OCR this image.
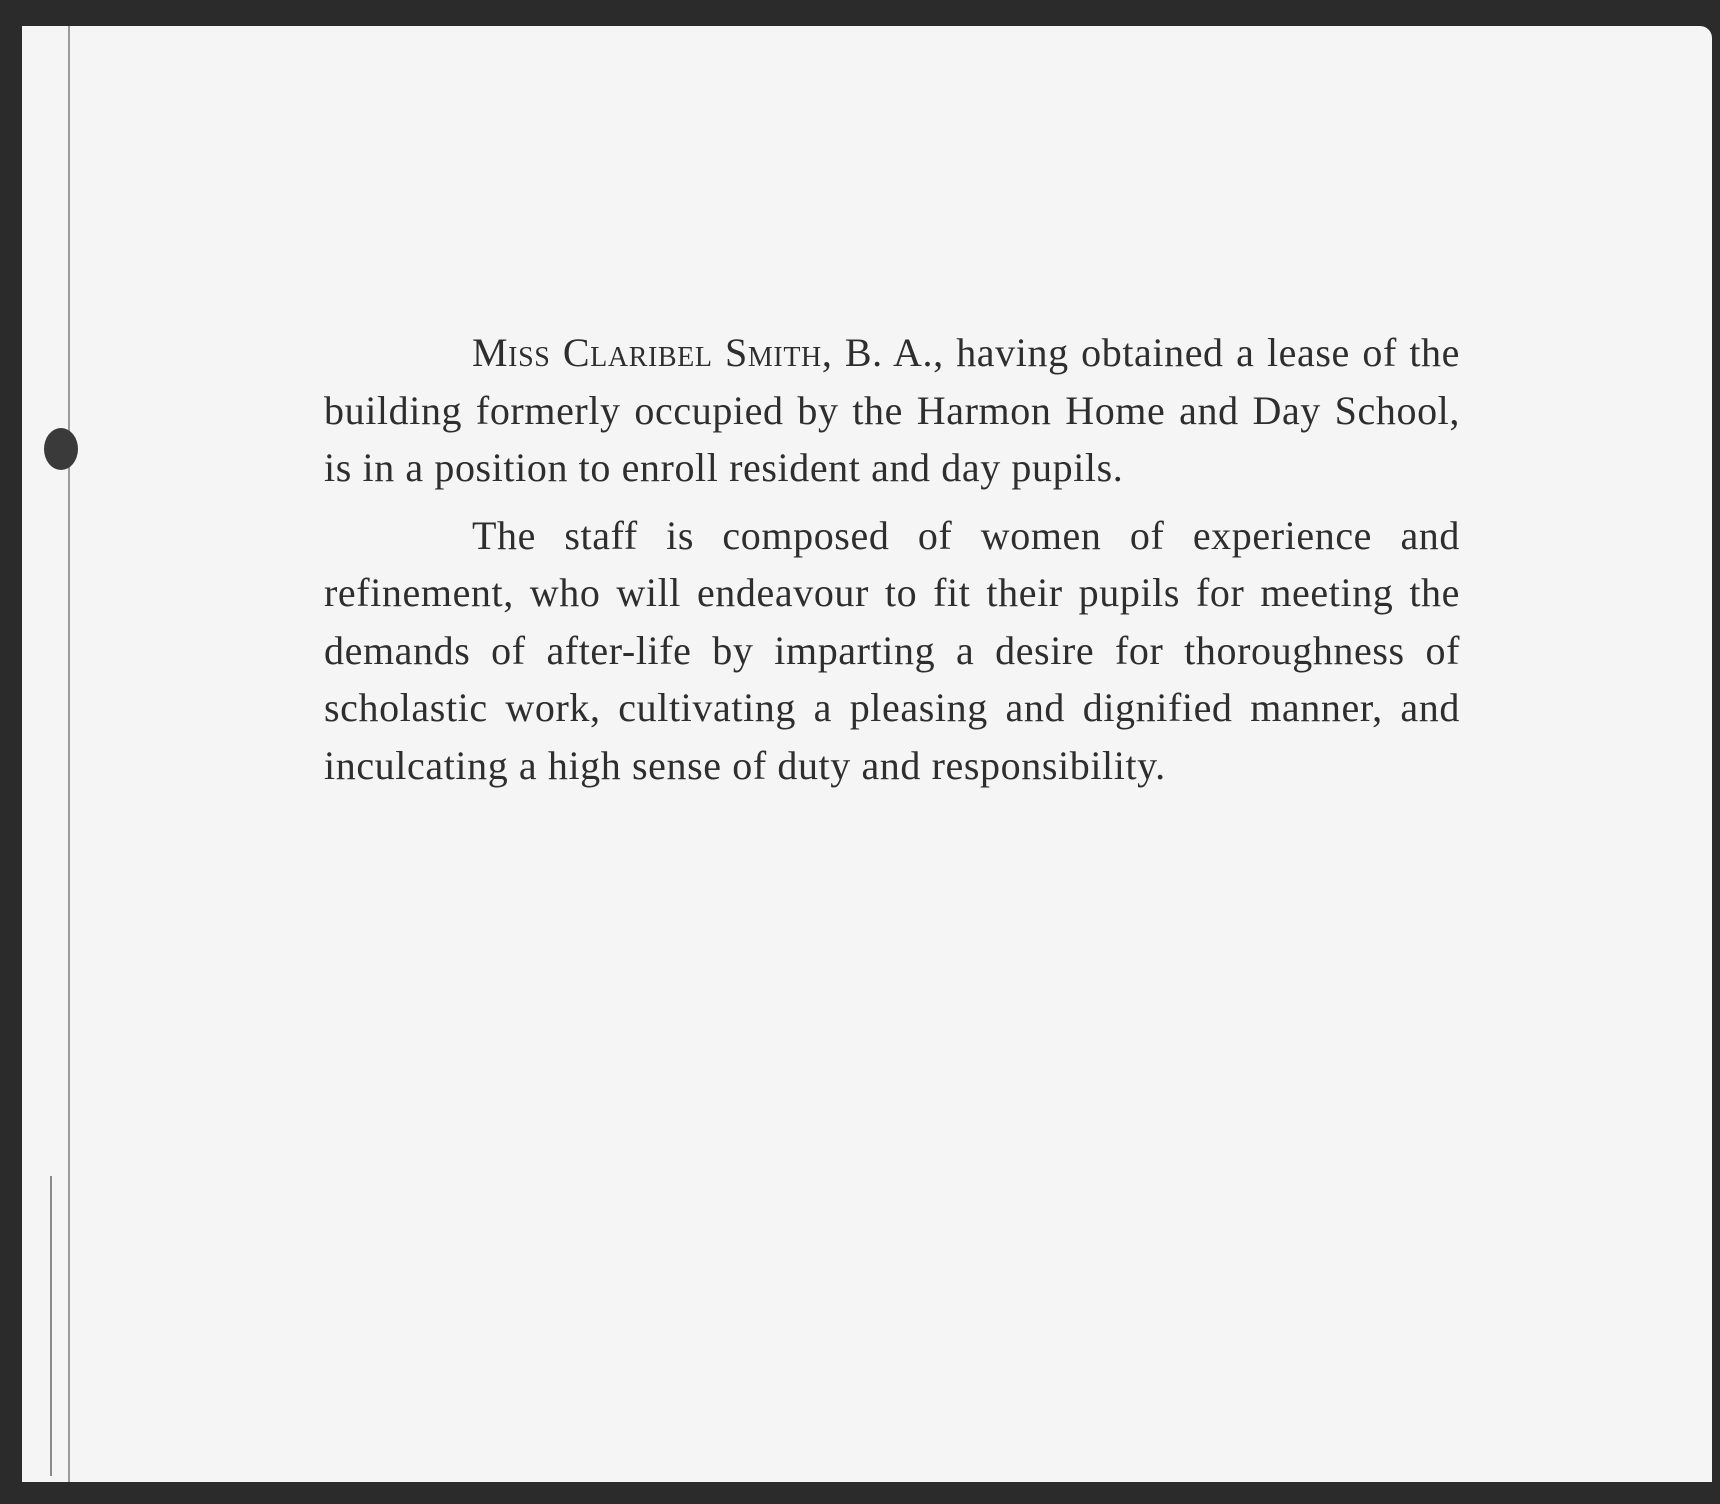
Miss Claribel Smith, B. A., having obtained a lease of the building formerly occupied by the Harmon Home and Day School, is in a position to enroll resident and day pupils.

The staff is composed of women of experience and refinement, who will endeavour to fit their pupils for meeting the demands of after-life by imparting a desire for thoroughness of scholastic work, cultivating a pleasing and dignified manner, and inculcating a high sense of duty and responsibility.
